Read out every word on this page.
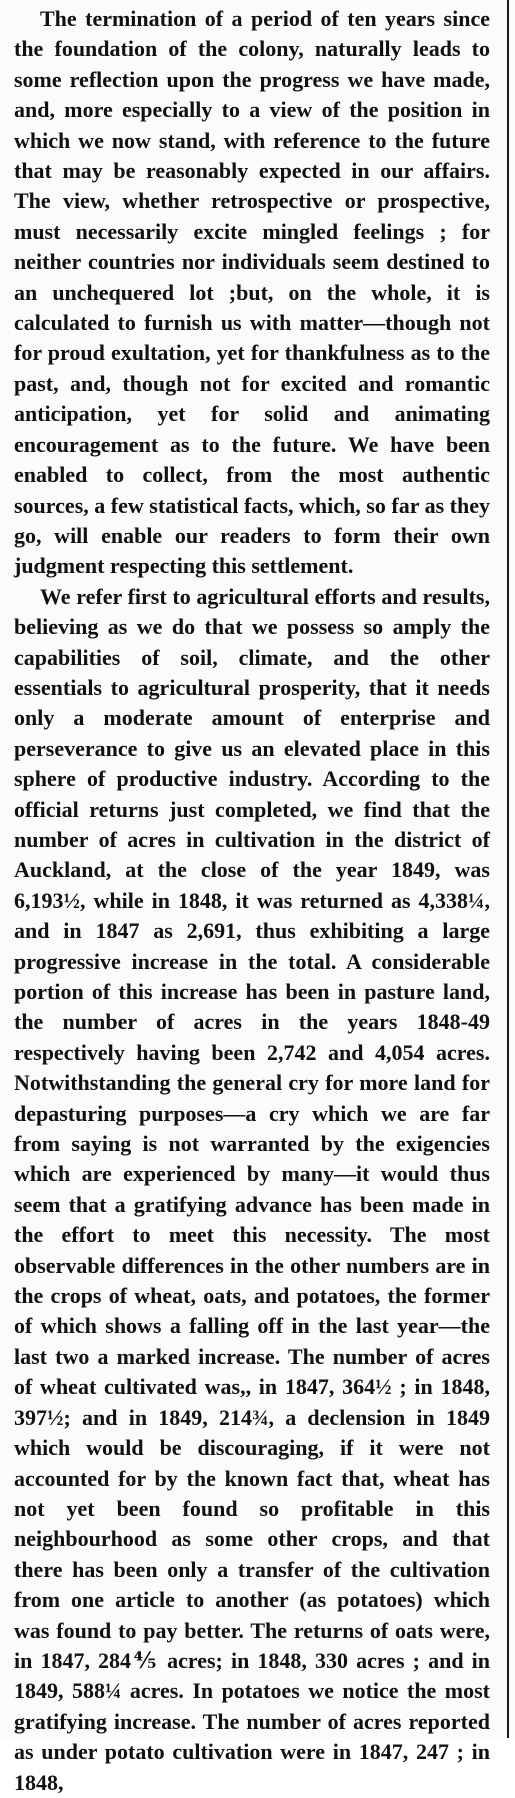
The termination of a period of ten years since the foundation of the colony, naturally leads to some reflection upon the progress we have made, and, more especially to a view of the position in which we now stand, with reference to the future that may be reasonably expected in our affairs. The view, whether retrospective or prospective, must necessarily excite mingled feelings ; for neither countries nor individuals seem destined to an unchequered lot ;but, on the whole, it is calculated to furnish us with matter—though not for proud exultation, yet for thankfulness as to the past, and, though not for excited and romantic anticipation, yet for solid and animating encouragement as to the future. We have been enabled to collect, from the most authentic sources, a few statistical facts, which, so far as they go, will enable our readers to form their own judgment respecting this settlement.

We refer first to agricultural efforts and results, believing as we do that we possess so amply the capabilities of soil, climate, and the other essentials to agricultural prosperity, that it needs only a moderate amount of enterprise and perseverance to give us an elevated place in this sphere of productive industry. According to the official returns just completed, we find that the number of acres in cultivation in the district of Auckland, at the close of the year 1849, was 6,193½, while in 1848, it was returned as 4,338¼, and in 1847 as 2,691, thus exhibiting a large progressive increase in the total. A considerable portion of this increase has been in pasture land, the number of acres in the years 1848-49 respectively having been 2,742 and 4,054 acres. Notwithstanding the general cry for more land for depasturing purposes—a cry which we are far from saying is not warranted by the exigencies which are experienced by many—it would thus seem that a gratifying advance has been made in the effort to meet this necessity. The most observable differences in the other numbers are in the crops of wheat, oats, and potatoes, the former of which shows a falling off in the last year—the last two a marked increase. The number of acres of wheat cultivated was,, in 1847, 364½ ; in 1848, 397½; and in 1849, 214¾, a declension in 1849 which would be discouraging, if it were not accounted for by the known fact that, wheat has not yet been found so profitable in this neighbourhood as some other crops, and that there has been only a transfer of the cultivation from one article to another (as potatoes) which was found to pay better. The returns of oats were, in 1847, 284⅘ acres; in 1848, 330 acres ; and in 1849, 588¼ acres. In potatoes we notice the most gratifying increase. The number of acres reported as under potato cultivation were in 1847, 247 ; in 1848,
